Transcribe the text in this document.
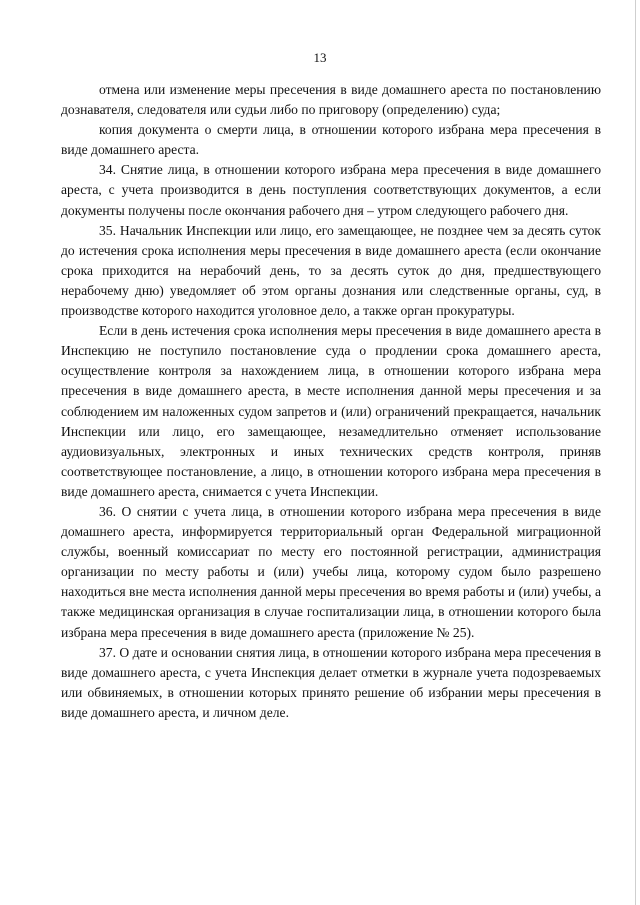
13

отмена или изменение меры пресечения в виде домашнего ареста по постановлению дознавателя, следователя или судьи либо по приговору (определению) суда;

копия документа о смерти лица, в отношении которого избрана мера пресечения в виде домашнего ареста.

34. Снятие лица, в отношении которого избрана мера пресечения в виде домашнего ареста, с учета производится в день поступления соответствующих документов, а если документы получены после окончания рабочего дня – утром следующего рабочего дня.

35. Начальник Инспекции или лицо, его замещающее, не позднее чем за десять суток до истечения срока исполнения меры пресечения в виде домашнего ареста (если окончание срока приходится на нерабочий день, то за десять суток до дня, предшествующего нерабочему дню) уведомляет об этом органы дознания или следственные органы, суд, в производстве которого находится уголовное дело, а также орган прокуратуры.

Если в день истечения срока исполнения меры пресечения в виде домашнего ареста в Инспекцию не поступило постановление суда о продлении срока домашнего ареста, осуществление контроля за нахождением лица, в отношении которого избрана мера пресечения в виде домашнего ареста, в месте исполнения данной меры пресечения и за соблюдением им наложенных судом запретов и (или) ограничений прекращается, начальник Инспекции или лицо, его замещающее, незамедлительно отменяет использование аудиовизуальных, электронных и иных технических средств контроля, приняв соответствующее постановление, а лицо, в отношении которого избрана мера пресечения в виде домашнего ареста, снимается с учета Инспекции.

36. О снятии с учета лица, в отношении которого избрана мера пресечения в виде домашнего ареста, информируется территориальный орган Федеральной миграционной службы, военный комиссариат по месту его постоянной регистрации, администрация организации по месту работы и (или) учебы лица, которому судом было разрешено находиться вне места исполнения данной меры пресечения во время работы и (или) учебы, а также медицинская организация в случае госпитализации лица, в отношении которого была избрана мера пресечения в виде домашнего ареста (приложение № 25).

37. О дате и основании снятия лица, в отношении которого избрана мера пресечения в виде домашнего ареста, с учета Инспекция делает отметки в журнале учета подозреваемых или обвиняемых, в отношении которых принято решение об избрании меры пресечения в виде домашнего ареста, и личном деле.
